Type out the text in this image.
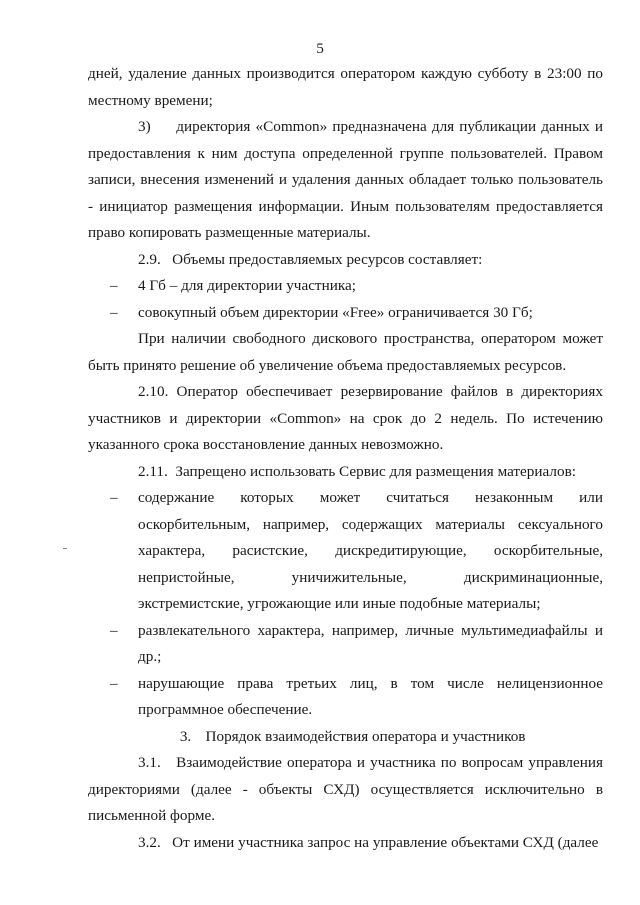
5

дней, удаление данных производится оператором каждую субботу в 23:00 по местному времени;

3)     директория «Common» предназначена для публикации данных и предоставления к ним доступа определенной группе пользователей. Правом записи, внесения изменений и удаления данных обладает только пользователь - инициатор размещения информации. Иным пользователям предоставляется право копировать размещенные материалы.

2.9.   Объемы предоставляемых ресурсов составляет:

– 4 Гб – для директории участника;

– совокупный объем директории «Free» ограничивается 30 Гб;

При наличии свободного дискового пространства, оператором может быть принято решение об увеличение объема предоставляемых ресурсов.

2.10. Оператор обеспечивает резервирование файлов в директориях участников и директории «Common» на срок до 2 недель. По истечению указанного срока восстановление данных невозможно.

2.11.  Запрещено использовать Сервис для размещения материалов:

– содержание которых может считаться незаконным или оскорбительным, например, содержащих материалы сексуального характера, расистские, дискредитирующие, оскорбительные, непристойные, уничижительные, дискриминационные, экстремистские, угрожающие или иные подобные материалы;

– развлекательного характера, например, личные мультимедиафайлы и др.;

– нарушающие права третьих лиц, в том числе нелицензионное программное обеспечение.

3. Порядок взаимодействия оператора и участников

3.1.   Взаимодействие оператора и участника по вопросам управления директориями (далее - объекты СХД) осуществляется исключительно в письменной форме.

3.2.   От имени участника запрос на управление объектами СХД (далее
